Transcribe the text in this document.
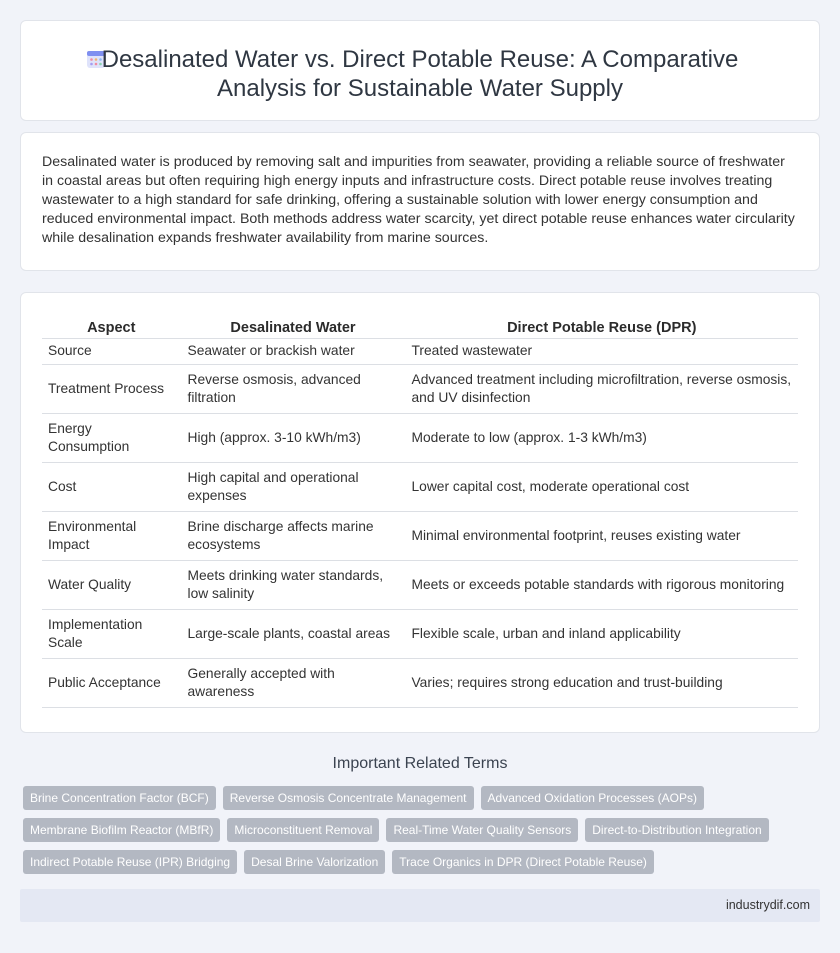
Desalinated Water vs. Direct Potable Reuse: A Comparative Analysis for Sustainable Water Supply

Desalinated water is produced by removing salt and impurities from seawater, providing a reliable source of freshwater in coastal areas but often requiring high energy inputs and infrastructure costs. Direct potable reuse involves treating wastewater to a high standard for safe drinking, offering a sustainable solution with lower energy consumption and reduced environmental impact. Both methods address water scarcity, yet direct potable reuse enhances water circularity while desalination expands freshwater availability from marine sources.

Aspect	Desalinated Water	Direct Potable Reuse (DPR)
Source	Seawater or brackish water	Treated wastewater
Treatment Process	Reverse osmosis, advanced filtration	Advanced treatment including microfiltration, reverse osmosis, and UV disinfection
Energy Consumption	High (approx. 3-10 kWh/m3)	Moderate to low (approx. 1-3 kWh/m3)
Cost	High capital and operational expenses	Lower capital cost, moderate operational cost
Environmental Impact	Brine discharge affects marine ecosystems	Minimal environmental footprint, reuses existing water
Water Quality	Meets drinking water standards, low salinity	Meets or exceeds potable standards with rigorous monitoring
Implementation Scale	Large-scale plants, coastal areas	Flexible scale, urban and inland applicability
Public Acceptance	Generally accepted with awareness	Varies; requires strong education and trust-building
Important Related Terms
Brine Concentration Factor (BCF)	Reverse Osmosis Concentrate Management	Advanced Oxidation Processes (AOPs)
Membrane Biofilm Reactor (MBfR)	Microconstituent Removal	Real-Time Water Quality Sensors	Direct-to-Distribution Integration
Indirect Potable Reuse (IPR) Bridging	Desal Brine Valorization	Trace Organics in DPR (Direct Potable Reuse)
industrydif.com
